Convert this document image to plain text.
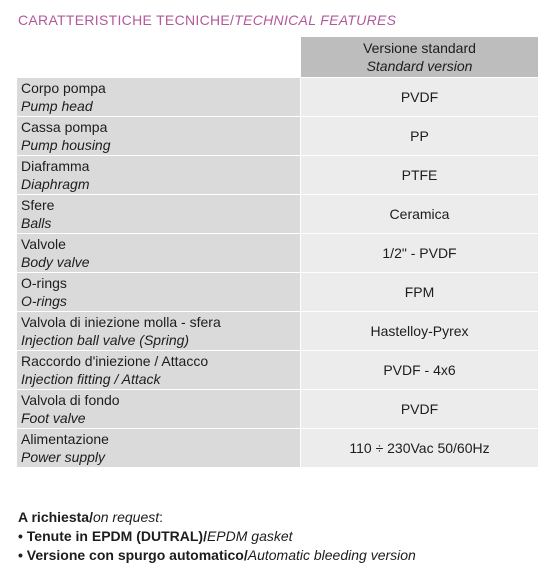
CARATTERISTICHE TECNICHE/TECHNICAL FEATURES

	Versione standard
Standard version

Corpo pompa
Pump head	PVDF

Cassa pompa
Pump housing	PP

Diaframma
Diaphragm	PTFE

Sfere
Balls	Ceramica

Valvole
Body valve	1/2" - PVDF

O-rings
O-rings	FPM

Valvola di iniezione molla - sfera
Injection ball valve (Spring)	Hastelloy-Pyrex

Raccordo d'iniezione / Attacco
Injection fitting / Attack	PVDF - 4x6

Valvola di fondo
Foot valve	PVDF

Alimentazione
Power supply	110 ÷ 230Vac 50/60Hz
A richiesta/on request:
• Tenute in EPDM (DUTRAL)/EPDM gasket
• Versione con spurgo automatico/Automatic bleeding version
